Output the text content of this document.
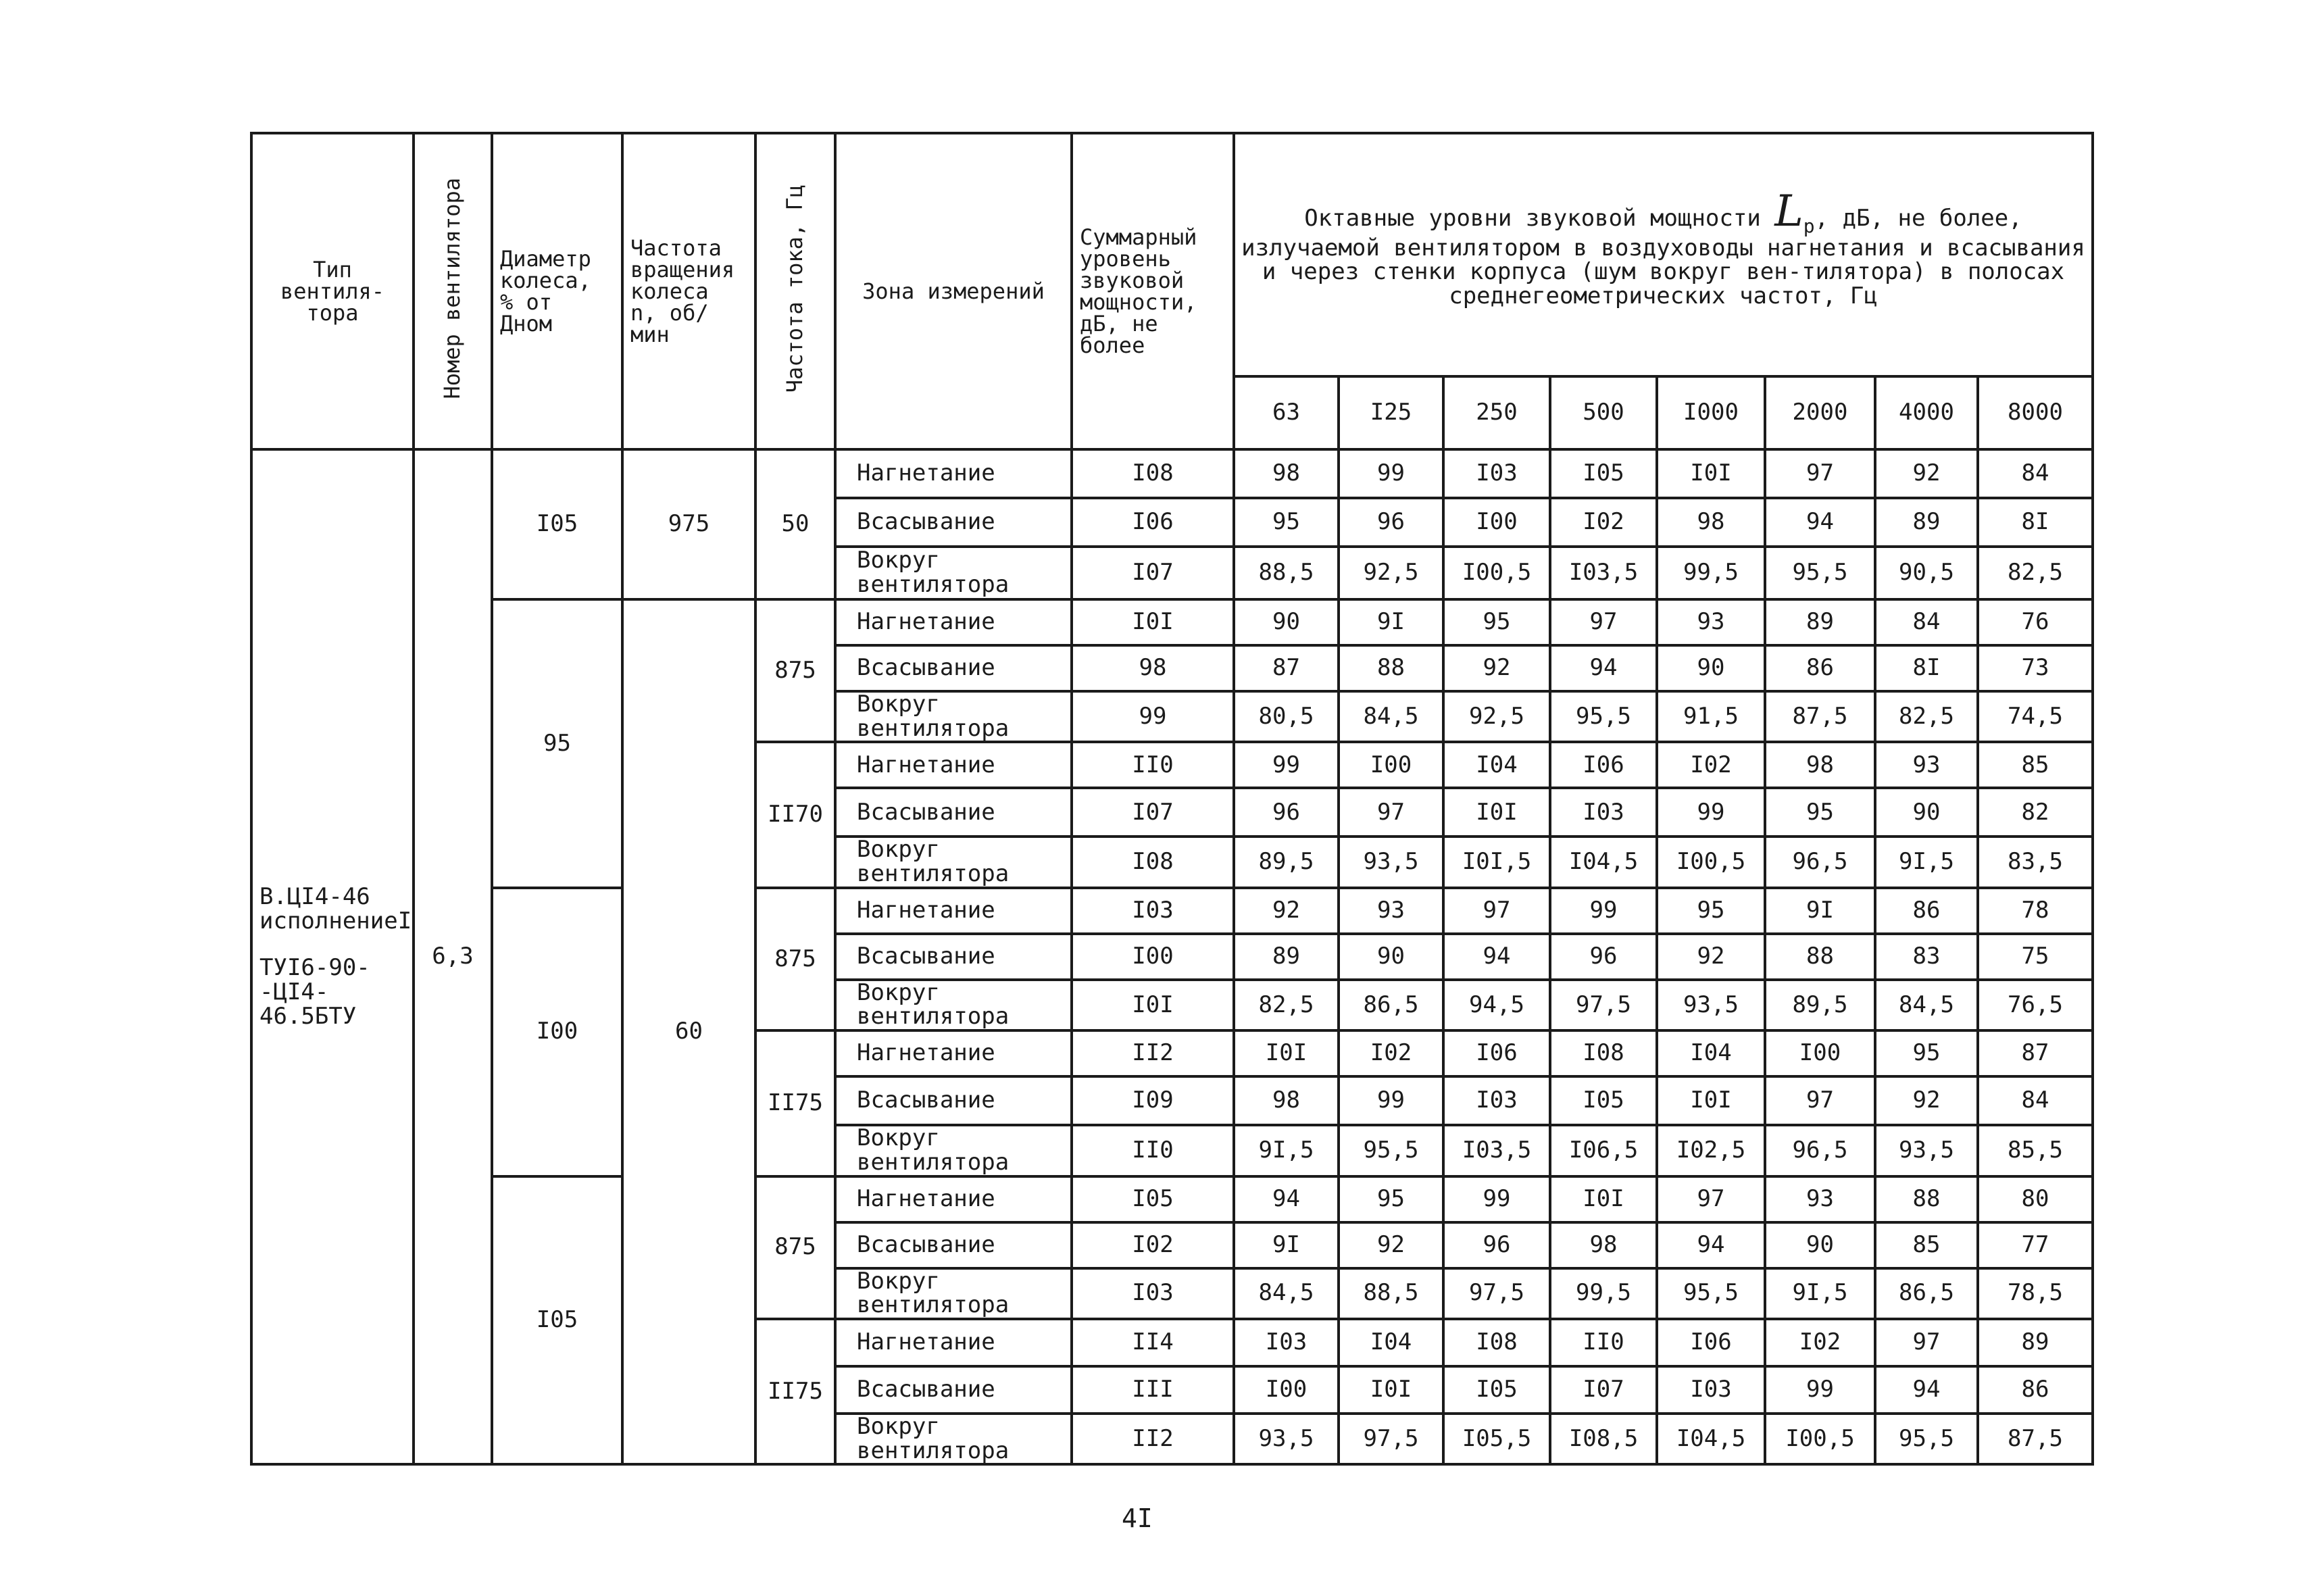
Тип вентиля-тора	Номер вентилятора	Диаметр колеса, % от Дном	Частота вращения колеса n, об/мин	Частота тока, Гц	Зона измерений	Суммарный уровень звуковой мощности, дБ, не более	Октавные уровни звуковой мощности $L_p$, дБ, не более, излучаемой вентилятором в воздуховоды нагнетания и всасывания и через стенки корпуса (шум вокруг вен-тилятора) в полосах среднегеометрических частот, Гц							
							63	I25	250	500	I000	2000	4000	8000

В.ЦI4-46
исполнениеI
ТУI6-90-
-ЦI4-46.5БТУ	6,3	I05	975	50	Нагнетание	I08	98	99	I03	I05	I0I	97	92	84
					Всасывание	I06	95	96	I00	I02	98	94	89	8I
					Вокруг вентилятора	I07	88,5	92,5	I00,5	I03,5	99,5	95,5	90,5	82,5
		95	60	875	Нагнетание	I0I	90	9I	95	97	93	89	84	76
					Всасывание	98	87	88	92	94	90	86	8I	73
					Вокруг вентилятора	99	80,5	84,5	92,5	95,5	91,5	87,5	82,5	74,5
				II70	Нагнетание	II0	99	I00	I04	I06	I02	98	93	85
					Всасывание	I07	96	97	I0I	I03	99	95	90	82
					Вокруг вентилятора	I08	89,5	93,5	I0I,5	I04,5	I00,5	96,5	9I,5	83,5
		I00		875	Нагнетание	I03	92	93	97	99	95	9I	86	78
					Всасывание	I00	89	90	94	96	92	88	83	75
					Вокруг вентилятора	I0I	82,5	86,5	94,5	97,5	93,5	89,5	84,5	76,5
				II75	Нагнетание	II2	I0I	I02	I06	I08	I04	I00	95	87
					Всасывание	I09	98	99	I03	I05	I0I	97	92	84
					Вокруг вентилятора	II0	9I,5	95,5	I03,5	I06,5	I02,5	96,5	93,5	85,5
		I05		875	Нагнетание	I05	94	95	99	I0I	97	93	88	80
					Всасывание	I02	9I	92	96	98	94	90	85	77
					Вокруг вентилятора	I03	84,5	88,5	97,5	99,5	95,5	9I,5	86,5	78,5
				II75	Нагнетание	II4	I03	I04	I08	II0	I06	I02	97	89
					Всасывание	III	I00	I0I	I05	I07	I03	99	94	86
					Вокруг вентилятора	II2	93,5	97,5	I05,5	I08,5	I04,5	I00,5	95,5	87,5
4I
